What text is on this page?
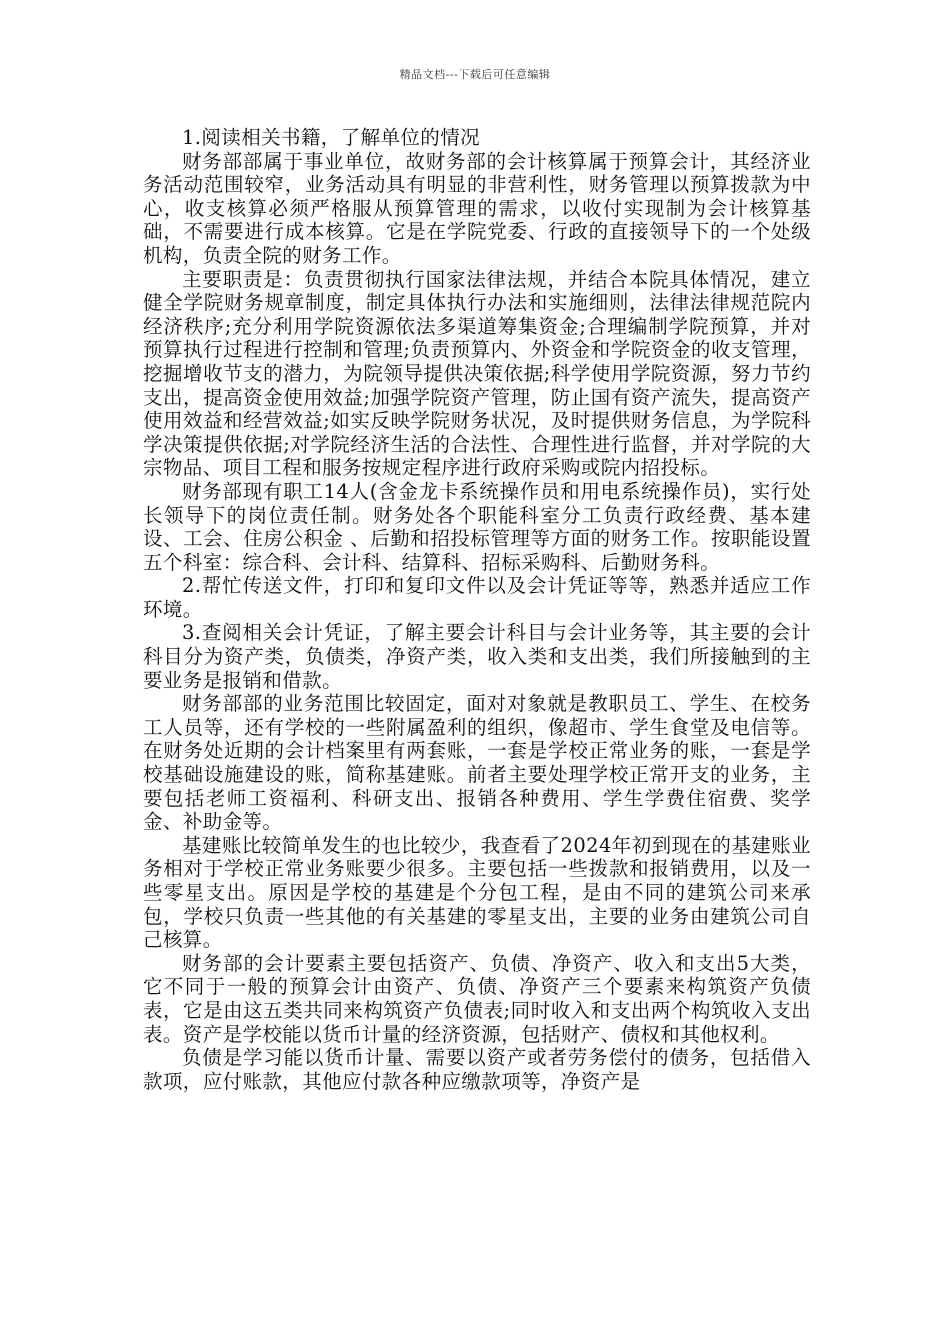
精品文档---下载后可任意编辑

1.阅读相关书籍，了解单位的情况

财务部部属于事业单位，故财务部的会计核算属于预算会计，其经济业务活动范围较窄，业务活动具有明显的非营利性，财务管理以预算拨款为中心，收支核算必须严格服从预算管理的需求，以收付实现制为会计核算基础，不需要进行成本核算。它是在学院党委、行政的直接领导下的一个处级机构，负责全院的财务工作。

主要职责是：负责贯彻执行国家法律法规，并结合本院具体情况，建立健全学院财务规章制度，制定具体执行办法和实施细则，法律法律规范院内经济秩序;充分利用学院资源依法多渠道筹集资金;合理编制学院预算，并对预算执行过程进行控制和管理;负责预算内、外资金和学院资金的收支管理，挖掘增收节支的潜力，为院领导提供决策依据;科学使用学院资源，努力节约支出，提高资金使用效益;加强学院资产管理，防止国有资产流失，提高资产使用效益和经营效益;如实反映学院财务状况，及时提供财务信息，为学院科学决策提供依据;对学院经济生活的合法性、合理性进行监督，并对学院的大宗物品、项目工程和服务按规定程序进行政府采购或院内招投标。

财务部现有职工14人(含金龙卡系统操作员和用电系统操作员)，实行处长领导下的岗位责任制。财务处各个职能科室分工负责行政经费、基本建设、工会、住房公积金 、后勤和招投标管理等方面的财务工作。按职能设置五个科室：综合科、会计科、结算科、招标采购科、后勤财务科。

2.帮忙传送文件，打印和复印文件以及会计凭证等等，熟悉并适应工作环境。

3.查阅相关会计凭证，了解主要会计科目与会计业务等，其主要的会计科目分为资产类，负债类，净资产类，收入类和支出类，我们所接触到的主要业务是报销和借款。

财务部部的业务范围比较固定，面对对象就是教职员工、学生、在校务工人员等，还有学校的一些附属盈利的组织，像超市、学生食堂及电信等。在财务处近期的会计档案里有两套账，一套是学校正常业务的账，一套是学校基础设施建设的账，简称基建账。前者主要处理学校正常开支的业务，主要包括老师工资福利、科研支出、报销各种费用、学生学费住宿费、奖学金、补助金等。

基建账比较简单发生的也比较少，我查看了2024年初到现在的基建账业务相对于学校正常业务账要少很多。主要包括一些拨款和报销费用，以及一些零星支出。原因是学校的基建是个分包工程，是由不同的建筑公司来承包，学校只负责一些其他的有关基建的零星支出，主要的业务由建筑公司自己核算。

财务部的会计要素主要包括资产、负债、净资产、收入和支出5大类，它不同于一般的预算会计由资产、负债、净资产三个要素来构筑资产负债表，它是由这五类共同来构筑资产负债表;同时收入和支出两个构筑收入支出表。资产是学校能以货币计量的经济资源，包括财产、债权和其他权利。

负债是学习能以货币计量、需要以资产或者劳务偿付的债务，包括借入款项，应付账款，其他应付款各种应缴款项等，净资产是
